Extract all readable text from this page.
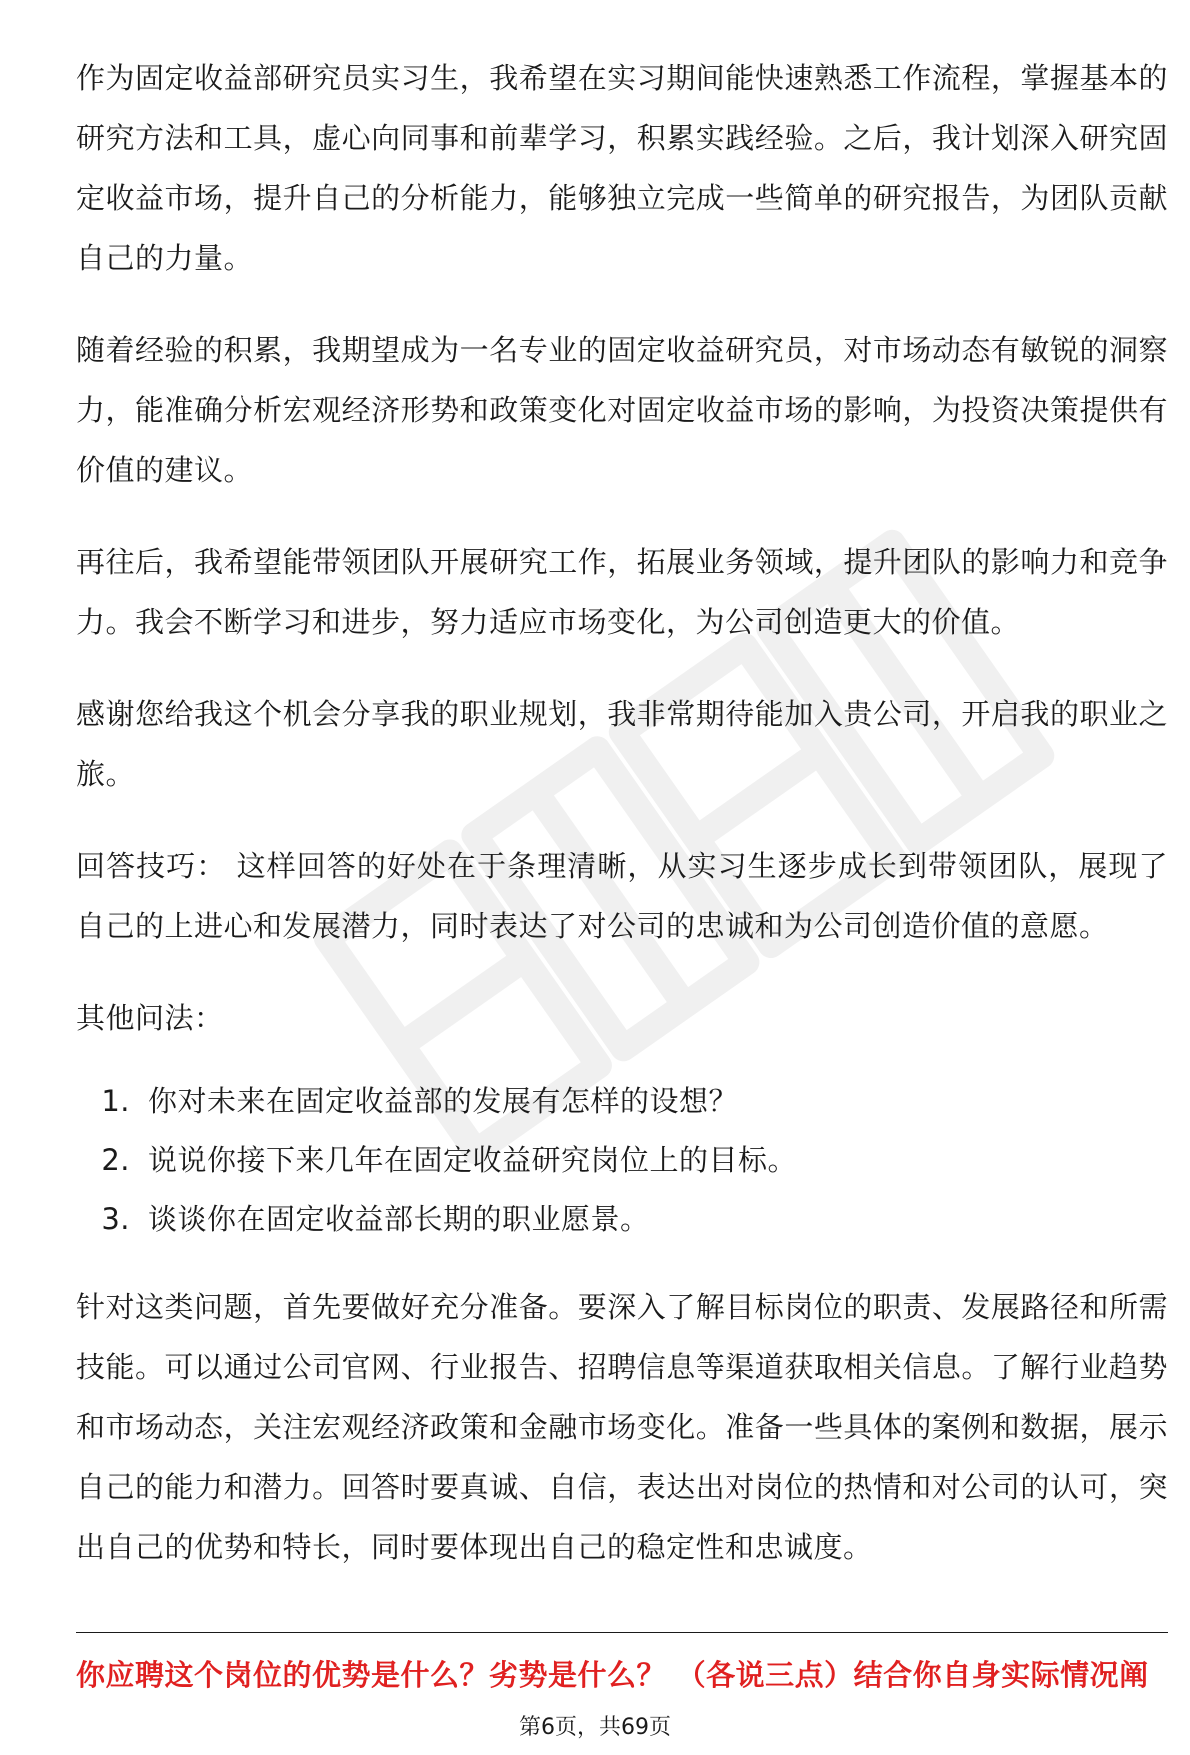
作为固定收益部研究员实习生，我希望在实习期间能快速熟悉工作流程，掌握基本的研究方法和工具，虚心向同事和前辈学习，积累实践经验。之后，我计划深入研究固定收益市场，提升自己的分析能力，能够独立完成一些简单的研究报告，为团队贡献自己的力量。

随着经验的积累，我期望成为一名专业的固定收益研究员，对市场动态有敏锐的洞察力，能准确分析宏观经济形势和政策变化对固定收益市场的影响，为投资决策提供有价值的建议。

再往后，我希望能带领团队开展研究工作，拓展业务领域，提升团队的影响力和竞争力。我会不断学习和进步，努力适应市场变化，为公司创造更大的价值。

感谢您给我这个机会分享我的职业规划，我非常期待能加入贵公司，开启我的职业之旅。

回答技巧： 这样回答的好处在于条理清晰，从实习生逐步成长到带领团队，展现了自己的上进心和发展潜力，同时表达了对公司的忠诚和为公司创造价值的意愿。

其他问法：

1. 你对未来在固定收益部的发展有怎样的设想？
2. 说说你接下来几年在固定收益研究岗位上的目标。
3. 谈谈你在固定收益部长期的职业愿景。

针对这类问题，首先要做好充分准备。要深入了解目标岗位的职责、发展路径和所需技能。可以通过公司官网、行业报告、招聘信息等渠道获取相关信息。了解行业趋势和市场动态，关注宏观经济政策和金融市场变化。准备一些具体的案例和数据，展示自己的能力和潜力。回答时要真诚、自信，表达出对岗位的热情和对公司的认可，突出自己的优势和特长，同时要体现出自己的稳定性和忠诚度。

你应聘这个岗位的优势是什么？劣势是什么？ （各说三点）结合你自身实际情况阐
第6页，共69页
